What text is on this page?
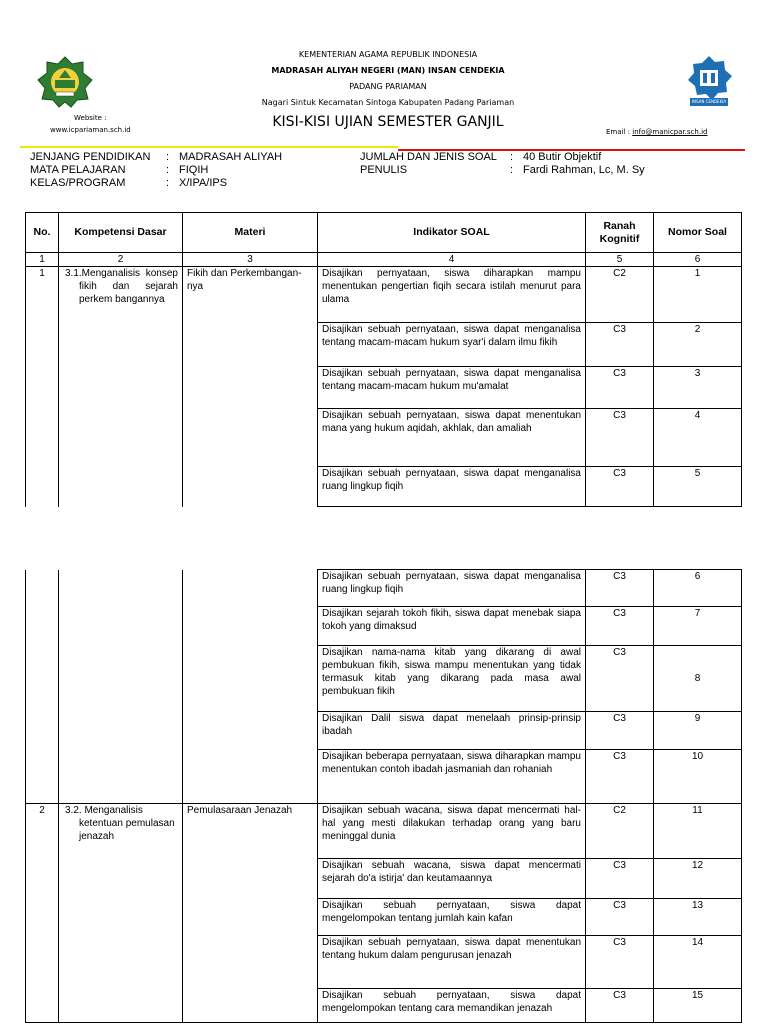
Website :
www.icpariaman.sch.id
KEMENTERIAN AGAMA REPUBLIK INDONESIA
MADRASAH ALIYAH NEGERI (MAN) INSAN CENDEKIA
PADANG PARIAMAN
Nagari Sintuk Kecamatan Sintoga Kabupaten Padang Pariaman
KISI-KISI UJIAN SEMESTER GANJIL
INSAN CENDEKIA
Email : info@manicpar.sch.id
JENJANG PENDIDIKAN	: MADRASAH ALIYAH
MATA PELAJARAN	: FIQIH
KELAS/PROGRAM	: X/IPA/IPS
JUMLAH DAN JENIS SOAL : 40 Butir Objektif
PENULIS	: Fardi Rahman, Lc, M. Sy
No.	Kompetensi Dasar	Materi	Indikator SOAL	Ranah Kognitif	Nomor Soal
1	2	3	4	5	6
1	3.1.Menganalisis konsep fikih dan sejarah perkem bangannya	Fikih dan Perkembangan-nya	Disajikan pernyataan, siswa diharapkan mampu menentukan pengertian fiqih secara istilah menurut para ulama	C2	1
			Disajikan sebuah pernyataan, siswa dapat menganalisa tentang macam-macam hukum syar'i dalam ilmu fikih	C3	2
			Disajikan sebuah pernyataan, siswa dapat menganalisa tentang macam-macam hukum mu'amalat	C3	3
			Disajikan sebuah pernyataan, siswa dapat menentukan mana yang hukum aqidah, akhlak, dan amaliah	C3	4
			Disajikan sebuah pernyataan, siswa dapat menganalisa ruang lingkup fiqih	C3	5
			Disajikan sebuah pernyataan, siswa dapat menganalisa ruang lingkup fiqih	C3	6
			Disajikan sejarah tokoh fikih, siswa dapat menebak siapa tokoh yang dimaksud	C3	7
			Disajikan nama-nama kitab yang dikarang di awal pembukuan fikih, siswa mampu menentukan yang tidak termasuk kitab yang dikarang pada masa awal pembukuan fikih	C3	8
			Disajikan Dalil siswa dapat menelaah prinsip-prinsip ibadah	C3	9
			Disajikan beberapa pernyataan, siswa diharapkan mampu menentukan contoh ibadah jasmaniah dan rohaniah	C3	10
2	3.2. Menganalisis ketentuan pemulasan jenazah	Pemulasaraan Jenazah	Disajikan sebuah wacana, siswa dapat mencermati hal-hal yang mesti dilakukan terhadap orang yang baru meninggal dunia	C2	11
			Disajikan sebuah wacana, siswa dapat mencermati sejarah do'a istirja' dan keutamaannya	C3	12
			Disajikan sebuah pernyataan, siswa dapat mengelompokan tentang jumlah kain kafan	C3	13
			Disajikan sebuah pernyataan, siswa dapat menentukan tentang hukum dalam pengurusan jenazah	C3	14
			Disajikan sebuah pernyataan, siswa dapat mengelompokan tentang cara memandikan jenazah	C3	15
